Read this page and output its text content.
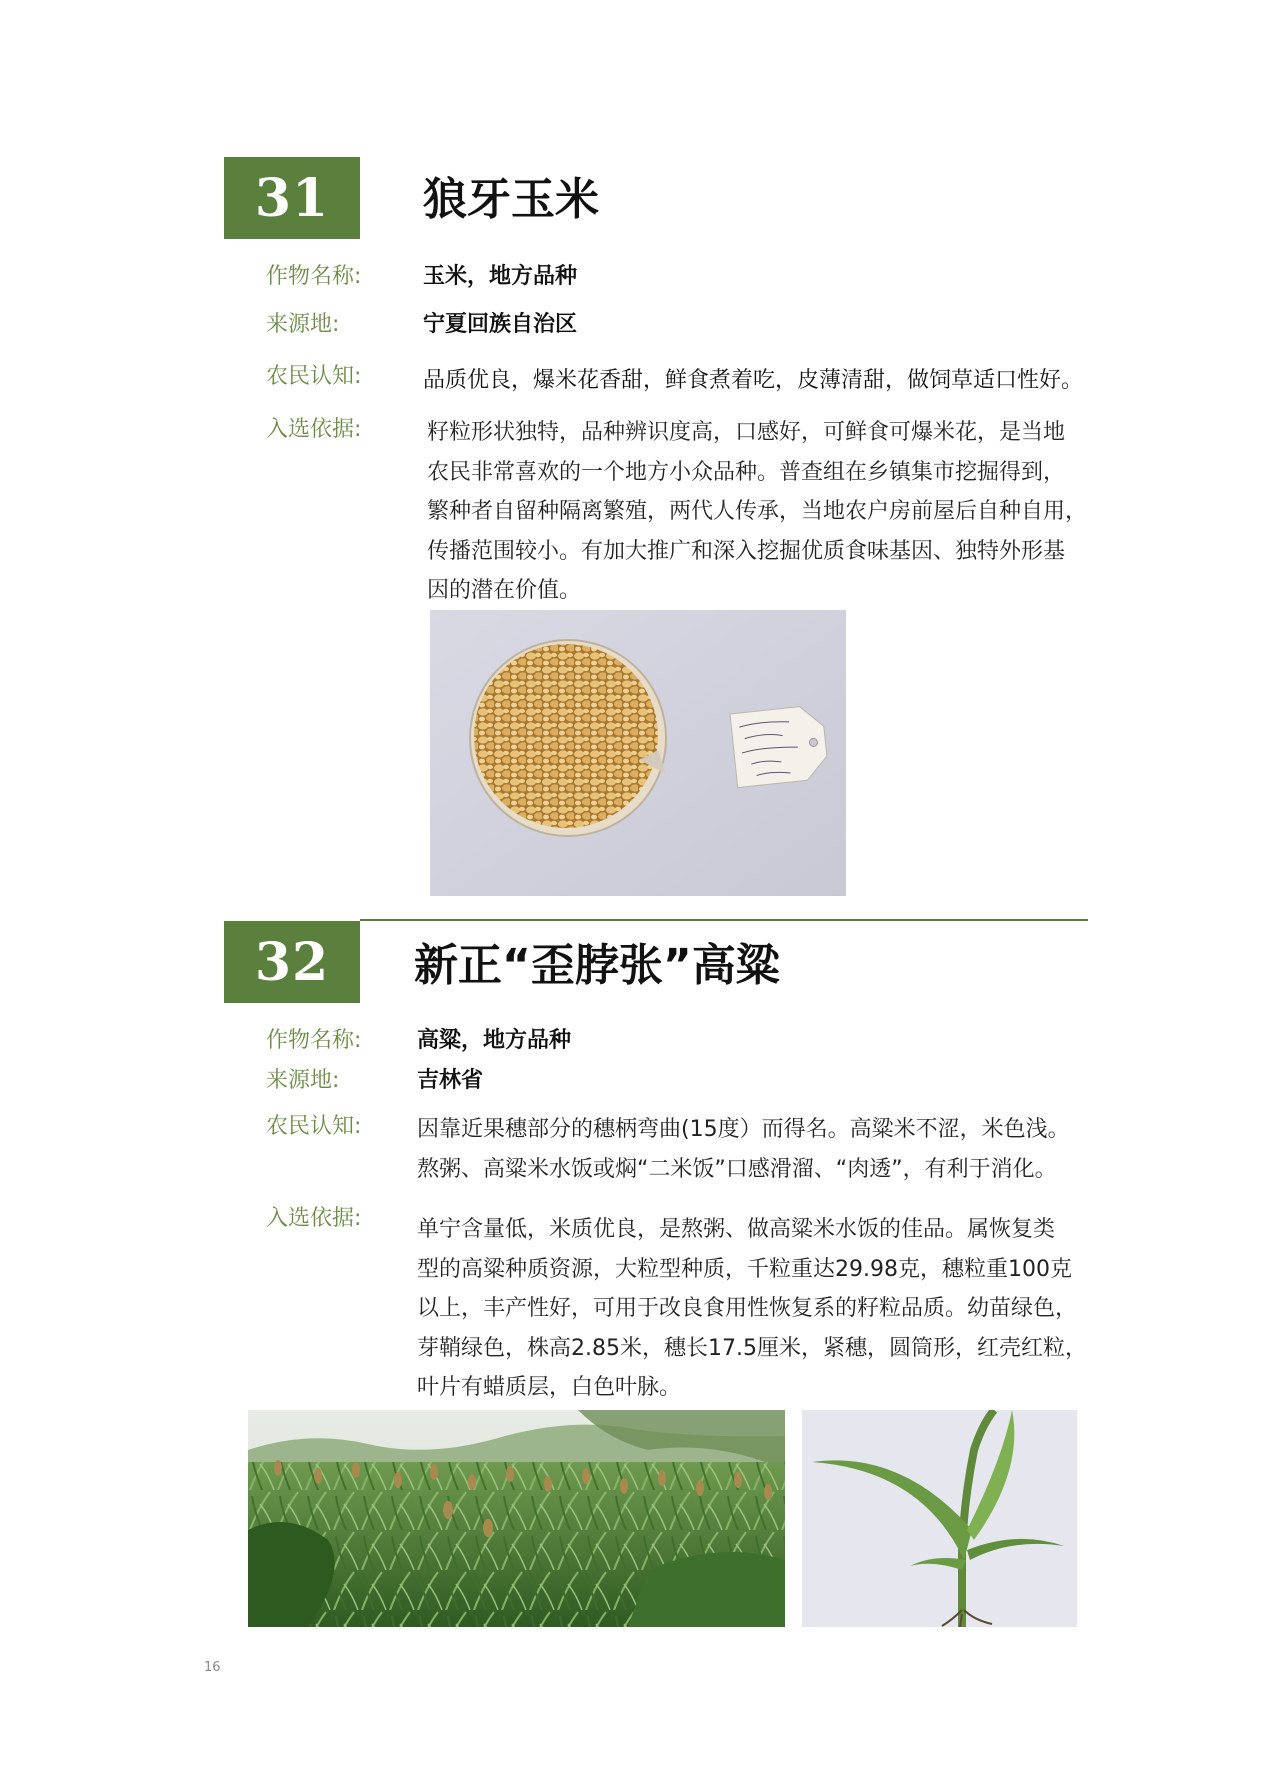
31 狼牙玉米
作物名称:	玉米，地方品种
来源地:	宁夏回族自治区
农民认知:	品质优良，爆米花香甜，鲜食煮着吃，皮薄清甜，做饲草适口性好。
入选依据:	籽粒形状独特，品种辨识度高，口感好，可鲜食可爆米花，是当地
农民非常喜欢的一个地方小众品种。普查组在乡镇集市挖掘得到，
繁种者自留种隔离繁殖，两代人传承，当地农户房前屋后自种自用，
传播范围较小。有加大推广和深入挖掘优质食味基因、独特外形基
因的潜在价值。
32 新正“歪脖张”高粱
作物名称:	高粱，地方品种
来源地:	吉林省
农民认知:	因靠近果穗部分的穗柄弯曲(15度）而得名。高粱米不涩，米色浅。
熬粥、高粱米水饭或焖“二米饭”口感滑溜、“肉透”，有利于消化。
入选依据:	单宁含量低，米质优良，是熬粥、做高粱米水饭的佳品。属恢复类
型的高粱种质资源，大粒型种质，千粒重达29.98克，穗粒重100克
以上，丰产性好，可用于改良食用性恢复系的籽粒品质。幼苗绿色，
芽鞘绿色，株高2.85米，穗长17.5厘米，紧穗，圆筒形，红壳红粒，
叶片有蜡质层，白色叶脉。
16
